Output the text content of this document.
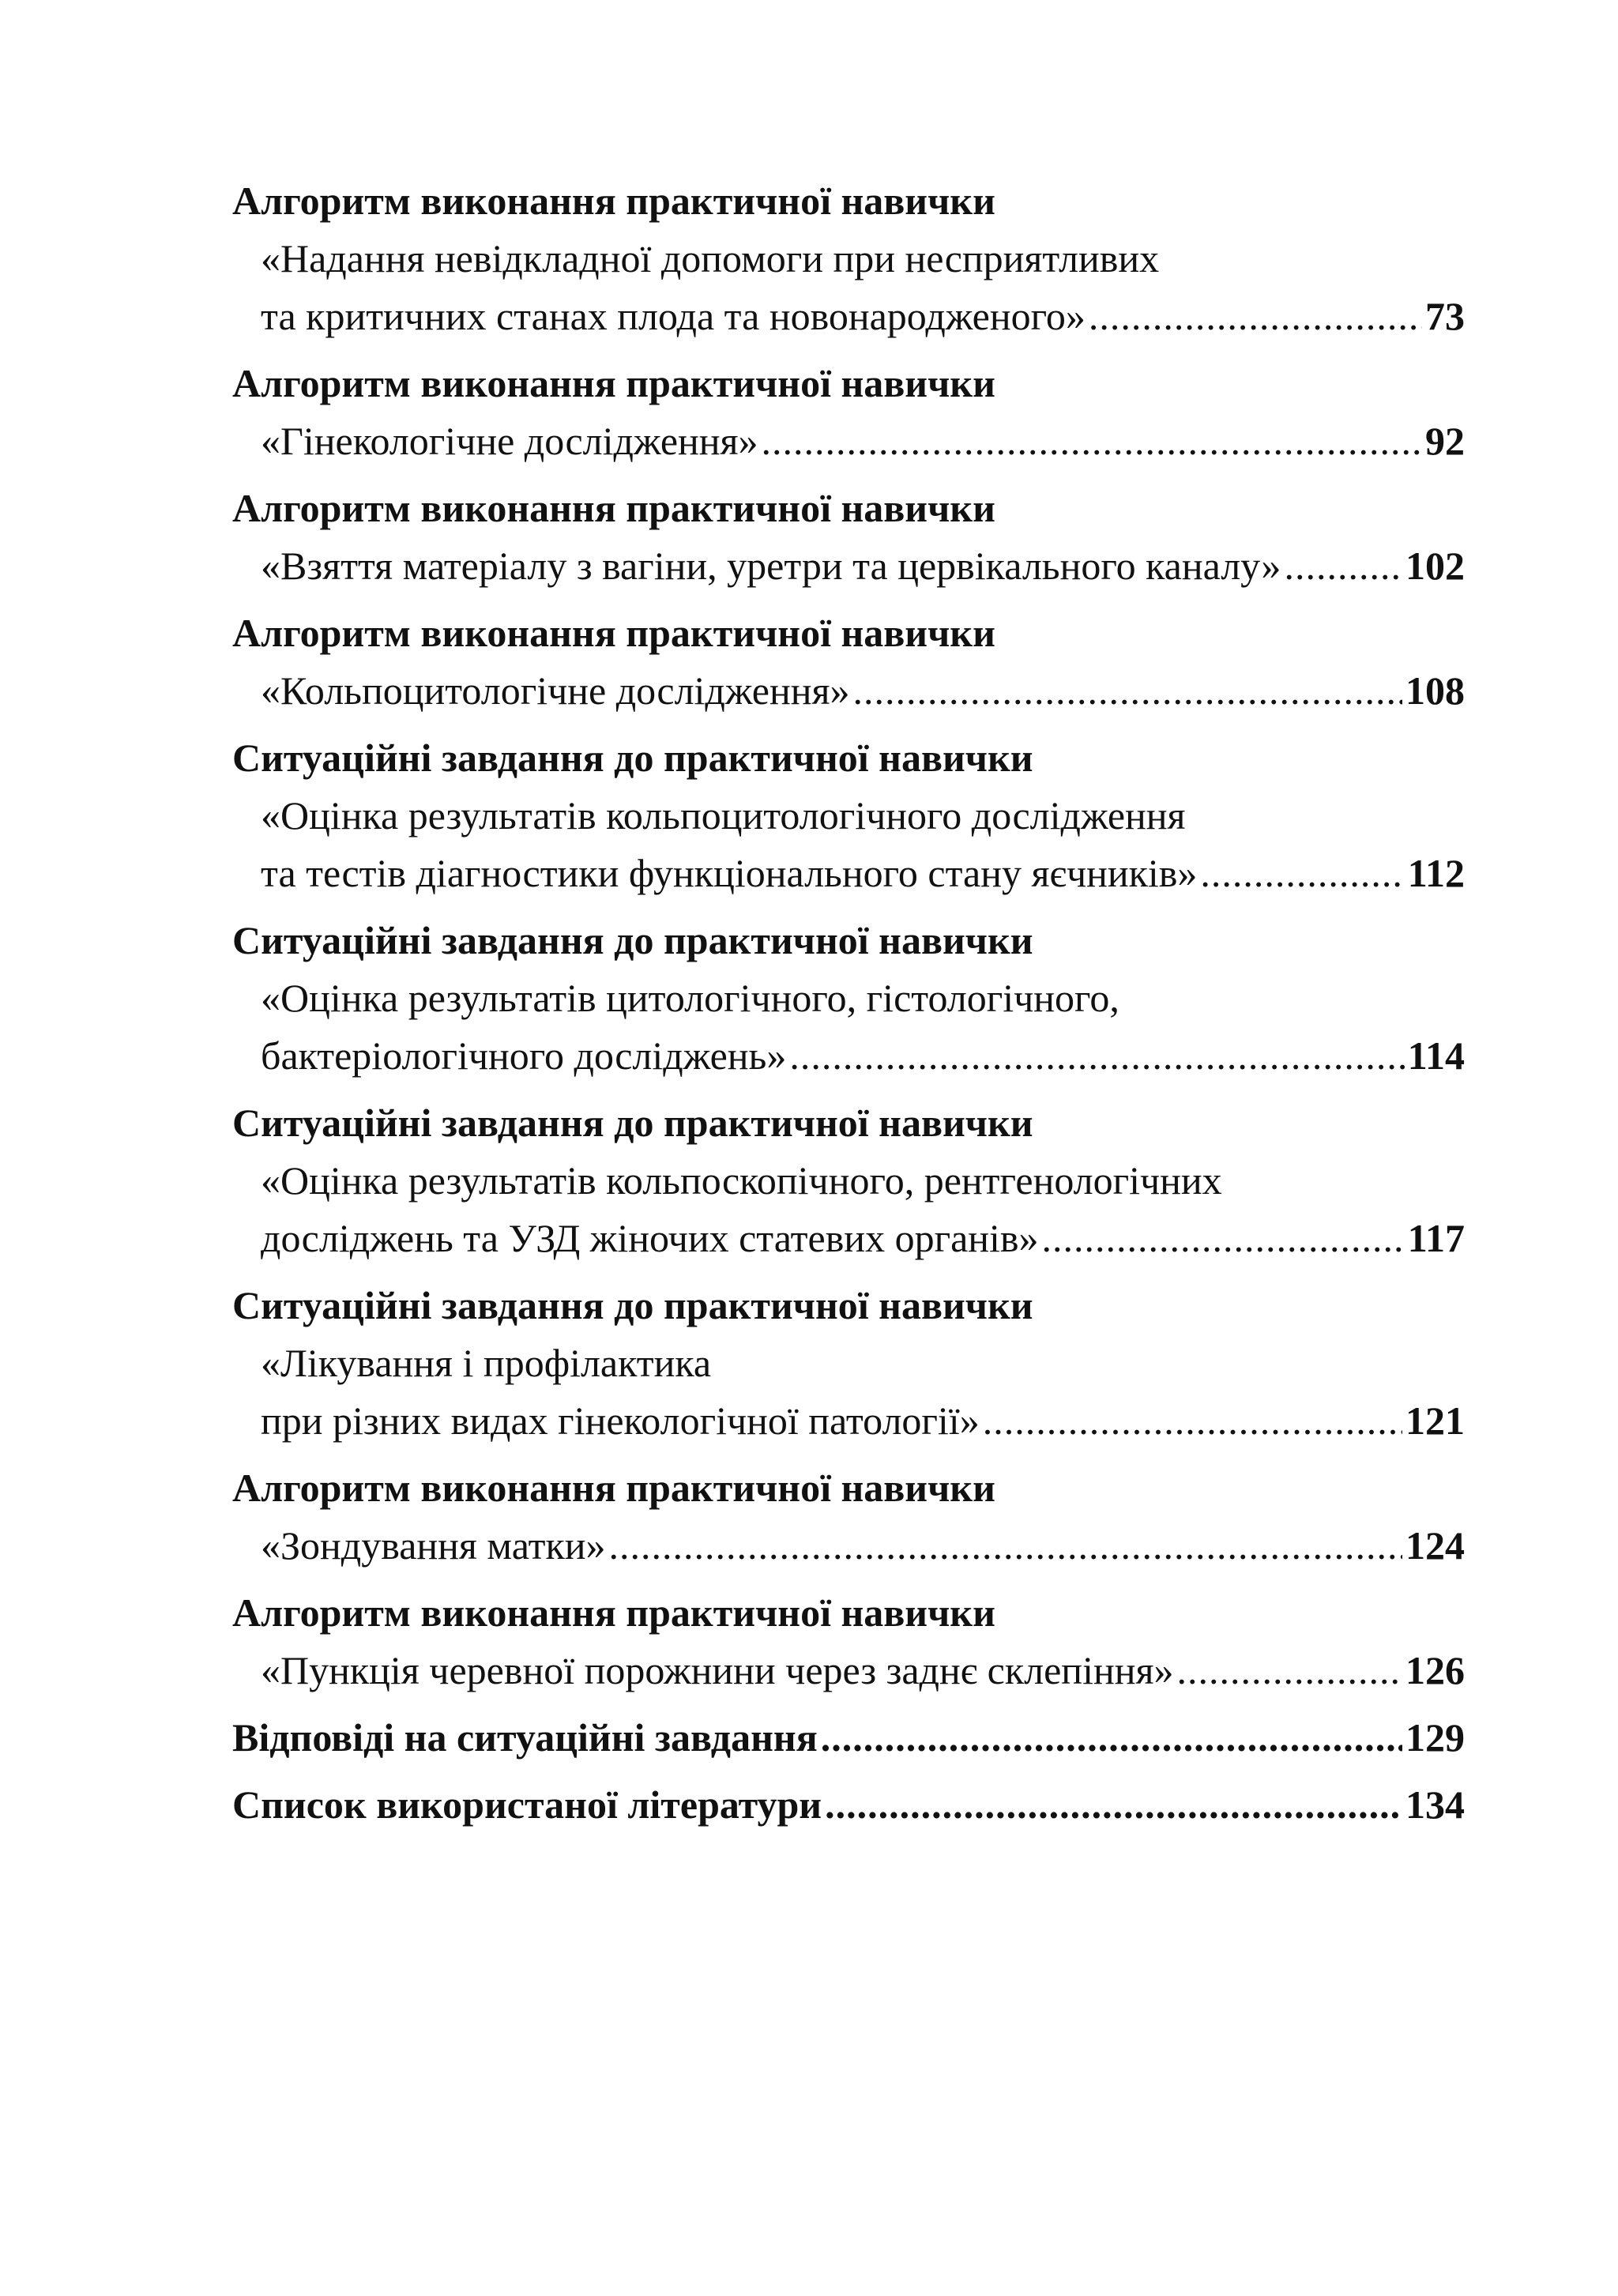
Алгоритм виконання практичної навички
«Надання невідкладної допомоги при несприятливих
та критичних станах плода та новонародженого» .....	73
Алгоритм виконання практичної навички
«Гінекологічне дослідження» .....	92
Алгоритм виконання практичної навички
«Взяття матеріалу з вагіни, уретри та цервікального каналу» .....	102
Алгоритм виконання практичної навички
«Кольпоцитологічне дослідження» .....	108
Ситуаційні завдання до практичної навички
«Оцінка результатів кольпоцитологічного дослідження
та тестів діагностики функціонального стану яєчників» .....	112
Ситуаційні завдання до практичної навички
«Оцінка результатів цитологічного, гістологічного,
бактеріологічного досліджень» .....	114
Ситуаційні завдання до практичної навички
«Оцінка результатів кольпоскопічного, рентгенологічних
досліджень та УЗД жіночих статевих органів» .....	117
Ситуаційні завдання до практичної навички
«Лікування і профілактика
при різних видах гінекологічної патології» .....	121
Алгоритм виконання практичної навички
«Зондування матки» .....	124
Алгоритм виконання практичної навички
«Пункція черевної порожнини через заднє склепіння» .....	126
Відповіді на ситуаційні завдання .....	129
Список використаної літератури .....	134
